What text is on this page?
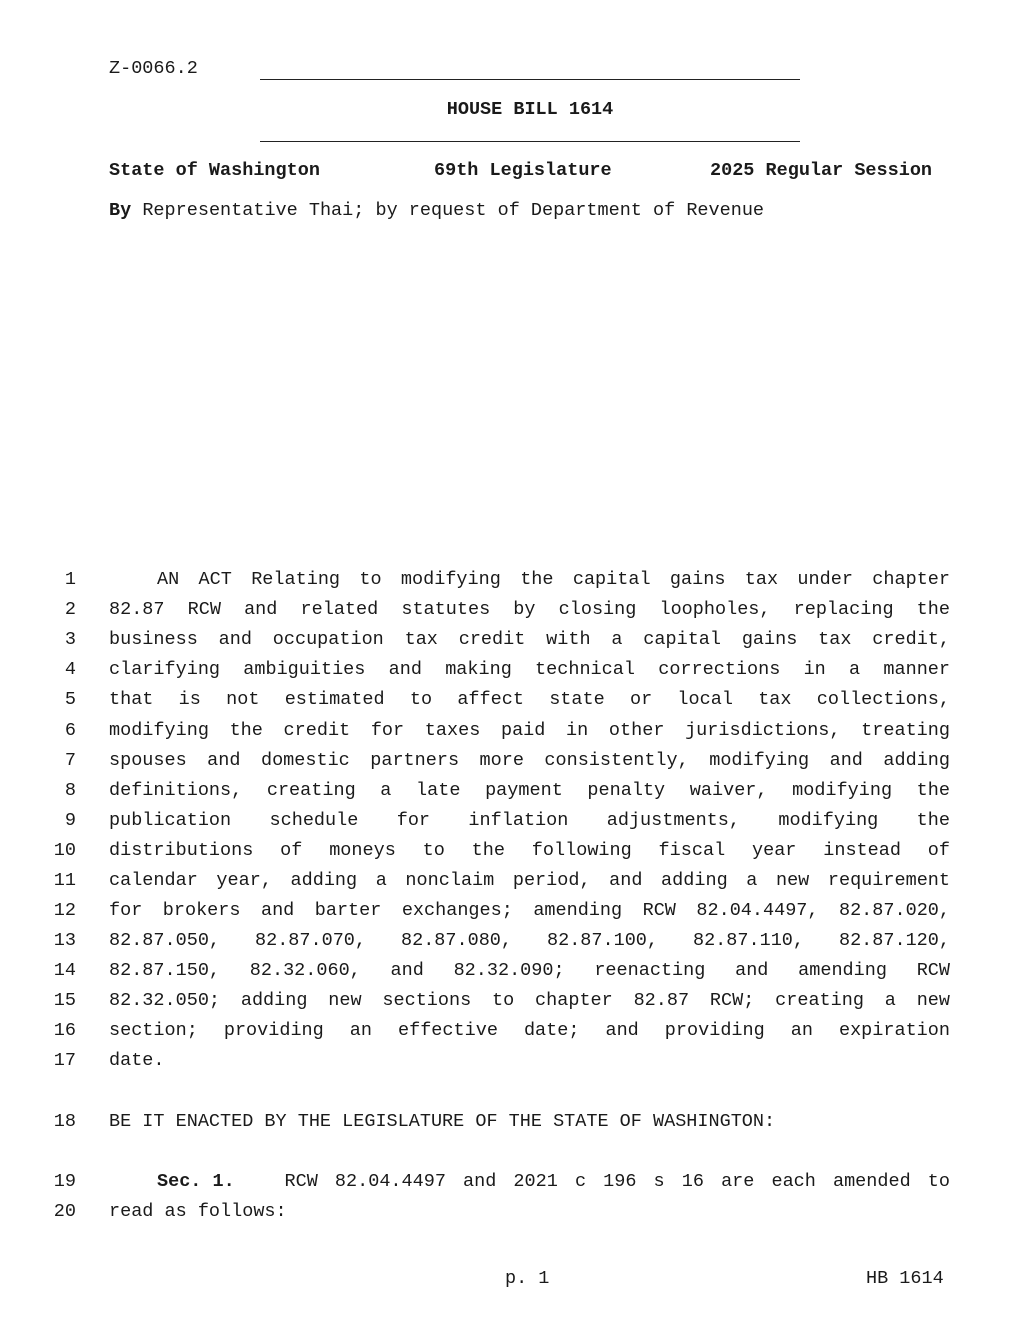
Z-0066.2
HOUSE BILL 1614
State of Washington	69th Legislature	2025 Regular Session
By Representative Thai; by request of Department of Revenue
1	AN ACT Relating to modifying the capital gains tax under chapter
2 82.87 RCW and related statutes by closing loopholes, replacing the
3 business and occupation tax credit with a capital gains tax credit,
4 clarifying ambiguities and making technical corrections in a manner
5 that is not estimated to affect state or local tax collections,
6 modifying the credit for taxes paid in other jurisdictions, treating
7 spouses and domestic partners more consistently, modifying and adding
8 definitions, creating a late payment penalty waiver, modifying the
9 publication schedule for inflation adjustments, modifying the
10 distributions of moneys to the following fiscal year instead of
11 calendar year, adding a nonclaim period, and adding a new requirement
12 for brokers and barter exchanges; amending RCW 82.04.4497, 82.87.020,
13 82.87.050, 82.87.070, 82.87.080, 82.87.100, 82.87.110, 82.87.120,
14 82.87.150, 82.32.060, and 82.32.090; reenacting and amending RCW
15 82.32.050; adding new sections to chapter 82.87 RCW; creating a new
16 section; providing an effective date; and providing an expiration
17 date.
18 BE IT ENACTED BY THE LEGISLATURE OF THE STATE OF WASHINGTON:
19	Sec. 1.	RCW 82.04.4497 and 2021 c 196 s 16 are each amended to
20 read as follows:
p. 1	HB 1614
